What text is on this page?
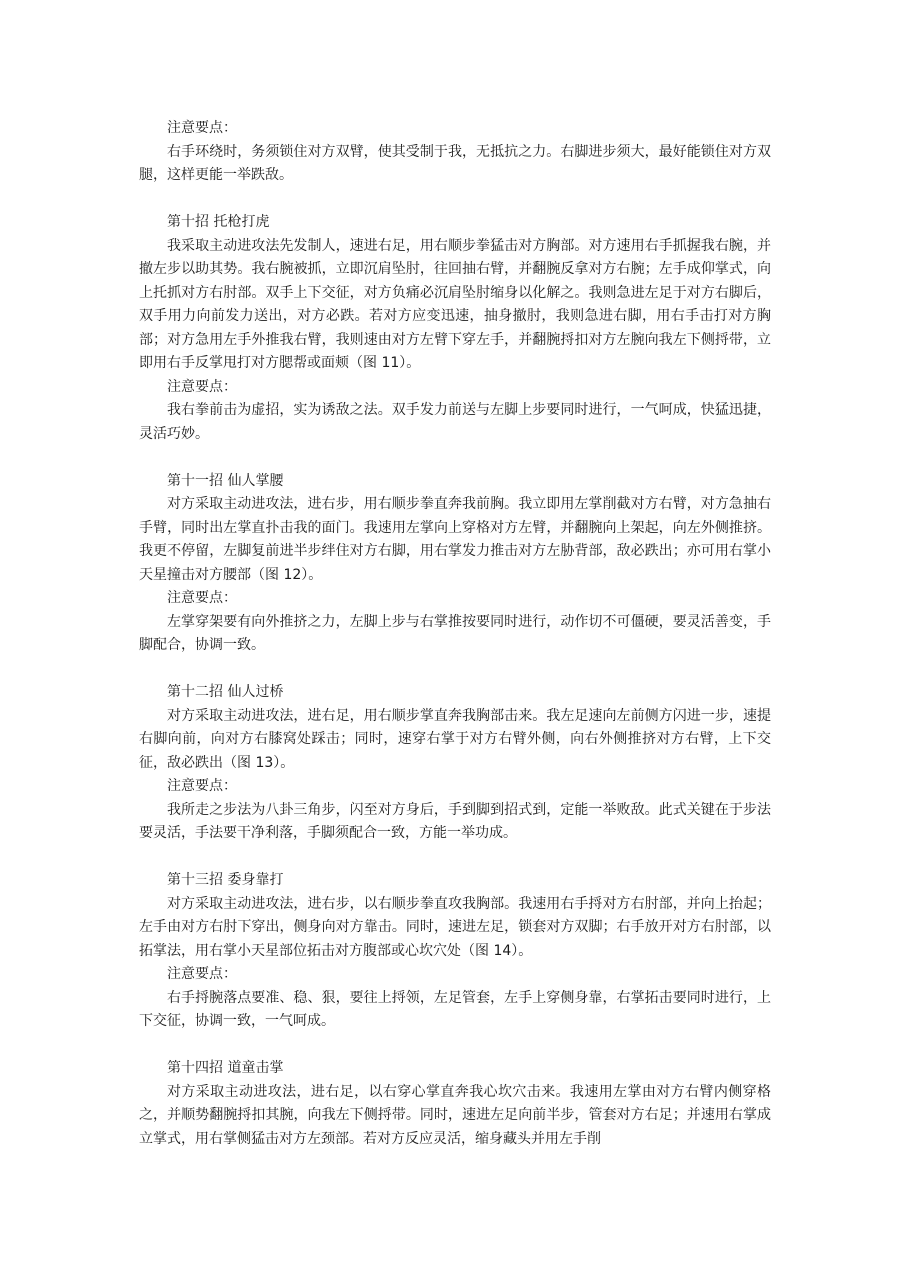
注意要点：

右手环绕时，务须锁住对方双臂，使其受制于我，无抵抗之力。右脚进步须大，最好能锁住对方双腿，这样更能一举跌敌。

第十招 托枪打虎

我采取主动进攻法先发制人，速进右足，用右顺步拳猛击对方胸部。对方速用右手抓握我右腕，并撤左步以助其势。我右腕被抓，立即沉肩坠肘，往回抽右臂，并翻腕反拿对方右腕；左手成仰掌式，向上托抓对方右肘部。双手上下交征，对方负痛必沉肩坠肘缩身以化解之。我则急进左足于对方右脚后，双手用力向前发力送出，对方必跌。若对方应变迅速，抽身撤肘，我则急进右脚，用右手击打对方胸部；对方急用左手外推我右臂，我则速由对方左臂下穿左手，并翻腕捋扣对方左腕向我左下侧捋带，立即用右手反掌甩打对方腮帮或面颊（图 11）。

注意要点：

我右拳前击为虚招，实为诱敌之法。双手发力前送与左脚上步要同时进行，一气呵成，快猛迅捷，灵活巧妙。

第十一招 仙人掌腰

对方采取主动进攻法，进右步，用右顺步拳直奔我前胸。我立即用左掌削截对方右臂，对方急抽右手臂，同时出左掌直扑击我的面门。我速用左掌向上穿格对方左臂，并翻腕向上架起，向左外侧推挤。我更不停留，左脚复前进半步绊住对方右脚，用右掌发力推击对方左胁背部，敌必跌出；亦可用右掌小天星撞击对方腰部（图 12）。

注意要点：

左掌穿架要有向外推挤之力，左脚上步与右掌推按要同时进行，动作切不可僵硬，要灵活善变，手脚配合，协调一致。

第十二招 仙人过桥

对方采取主动进攻法，进右足，用右顺步掌直奔我胸部击来。我左足速向左前侧方闪进一步，速提右脚向前，向对方右膝窝处踩击；同时，速穿右掌于对方右臂外侧，向右外侧推挤对方右臂，上下交征，敌必跌出（图 13）。

注意要点：

我所走之步法为八卦三角步，闪至对方身后，手到脚到招式到，定能一举败敌。此式关键在于步法要灵活，手法要干净利落，手脚须配合一致，方能一举功成。

第十三招 委身靠打

对方采取主动进攻法，进右步，以右顺步拳直攻我胸部。我速用右手捋对方右肘部，并向上抬起；左手由对方右肘下穿出，侧身向对方靠击。同时，速进左足，锁套对方双脚；右手放开对方右肘部，以拓掌法，用右掌小天星部位拓击对方腹部或心坎穴处（图 14）。

注意要点：

右手捋腕落点要准、稳、狠，要往上捋领，左足管套，左手上穿侧身靠，右掌拓击要同时进行，上下交征，协调一致，一气呵成。

第十四招 道童击掌

对方采取主动进攻法，进右足，以右穿心掌直奔我心坎穴击来。我速用左掌由对方右臂内侧穿格之，并顺势翻腕捋扣其腕，向我左下侧捋带。同时，速进左足向前半步，管套对方右足；并速用右掌成立掌式，用右掌侧猛击对方左颈部。若对方反应灵活，缩身藏头并用左手削
